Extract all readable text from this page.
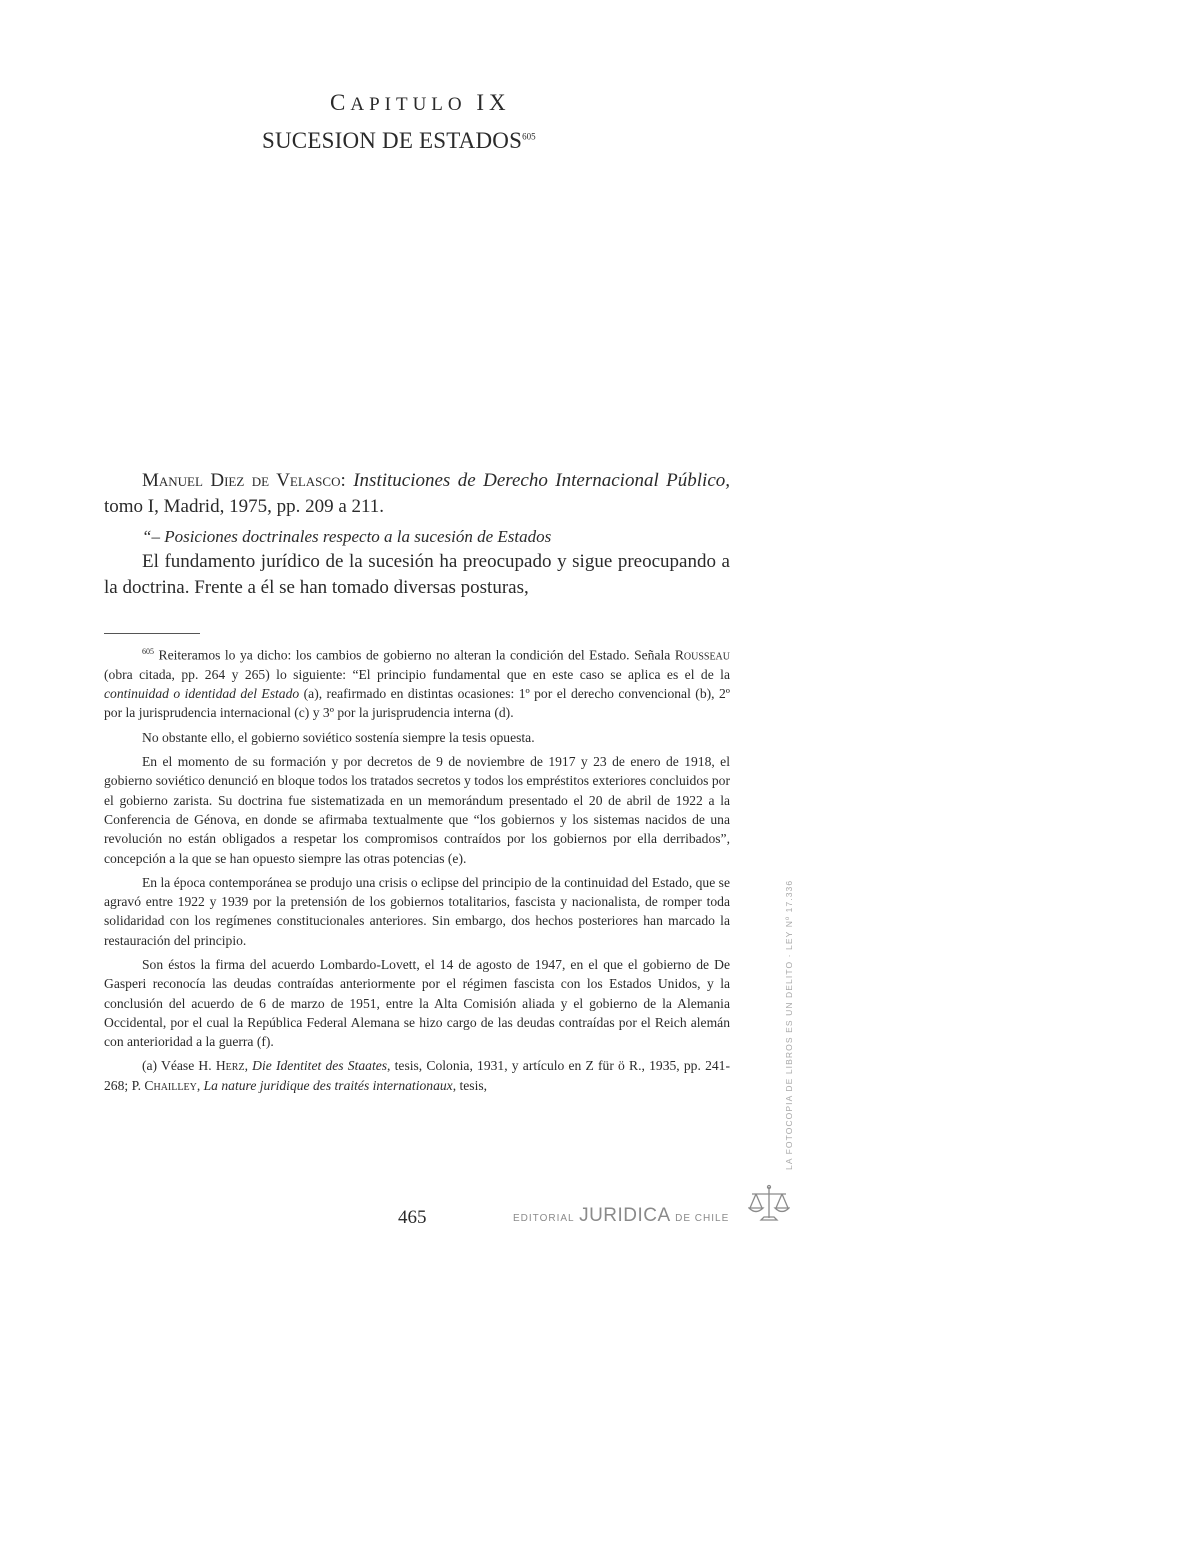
CAPITULO IX
SUCESION DE ESTADOS$^{605}$
Manuel Diez de Velasco: Instituciones de Derecho Internacional Público, tomo I, Madrid, 1975, pp. 209 a 211.
“– Posiciones doctrinales respecto a la sucesión de Estados
El fundamento jurídico de la sucesión ha preocupado y sigue preocupando a la doctrina. Frente a él se han tomado diversas posturas,

$^{605}$ Reiteramos lo ya dicho: los cambios de gobierno no alteran la condición del Estado. Señala Rousseau (obra citada, pp. 264 y 265) lo siguiente: “El principio fundamental que en este caso se aplica es el de la continuidad o identidad del Estado (a), reafirmado en distintas ocasiones: 1º por el derecho convencional (b), 2º por la jurisprudencia internacional (c) y 3º por la jurisprudencia interna (d).

No obstante ello, el gobierno soviético sostenía siempre la tesis opuesta.

En el momento de su formación y por decretos de 9 de noviembre de 1917 y 23 de enero de 1918, el gobierno soviético denunció en bloque todos los tratados secretos y todos los empréstitos exteriores concluidos por el gobierno zarista. Su doctrina fue sistematizada en un memorándum presentado el 20 de abril de 1922 a la Conferencia de Génova, en donde se afirmaba textualmente que “los gobiernos y los sistemas nacidos de una revolución no están obligados a respetar los compromisos contraídos por los gobiernos por ella derribados”, concepción a la que se han opuesto siempre las otras potencias (e).

En la época contemporánea se produjo una crisis o eclipse del principio de la continuidad del Estado, que se agravó entre 1922 y 1939 por la pretensión de los gobiernos totalitarios, fascista y nacionalista, de romper toda solidaridad con los regímenes constitucionales anteriores. Sin embargo, dos hechos posteriores han marcado la restauración del principio.

Son éstos la firma del acuerdo Lombardo-Lovett, el 14 de agosto de 1947, en el que el gobierno de De Gasperi reconocía las deudas contraídas anteriormente por el régimen fascista con los Estados Unidos, y la conclusión del acuerdo de 6 de marzo de 1951, entre la Alta Comisión aliada y el gobierno de la Alemania Occidental, por el cual la República Federal Alemana se hizo cargo de las deudas contraídas por el Reich alemán con anterioridad a la guerra (f).

(a) Véase H. Herz, Die Identitet des Staates, tesis, Colonia, 1931, y artículo en Z für ö R., 1935, pp. 241-268; P. Chailley, La nature juridique des traités internationaux, tesis,

465	EDITORIAL JURIDICA DE CHILE
LA FOTOCOPIA DE LIBROS ES UN DELITO · LEY Nº 17.336
